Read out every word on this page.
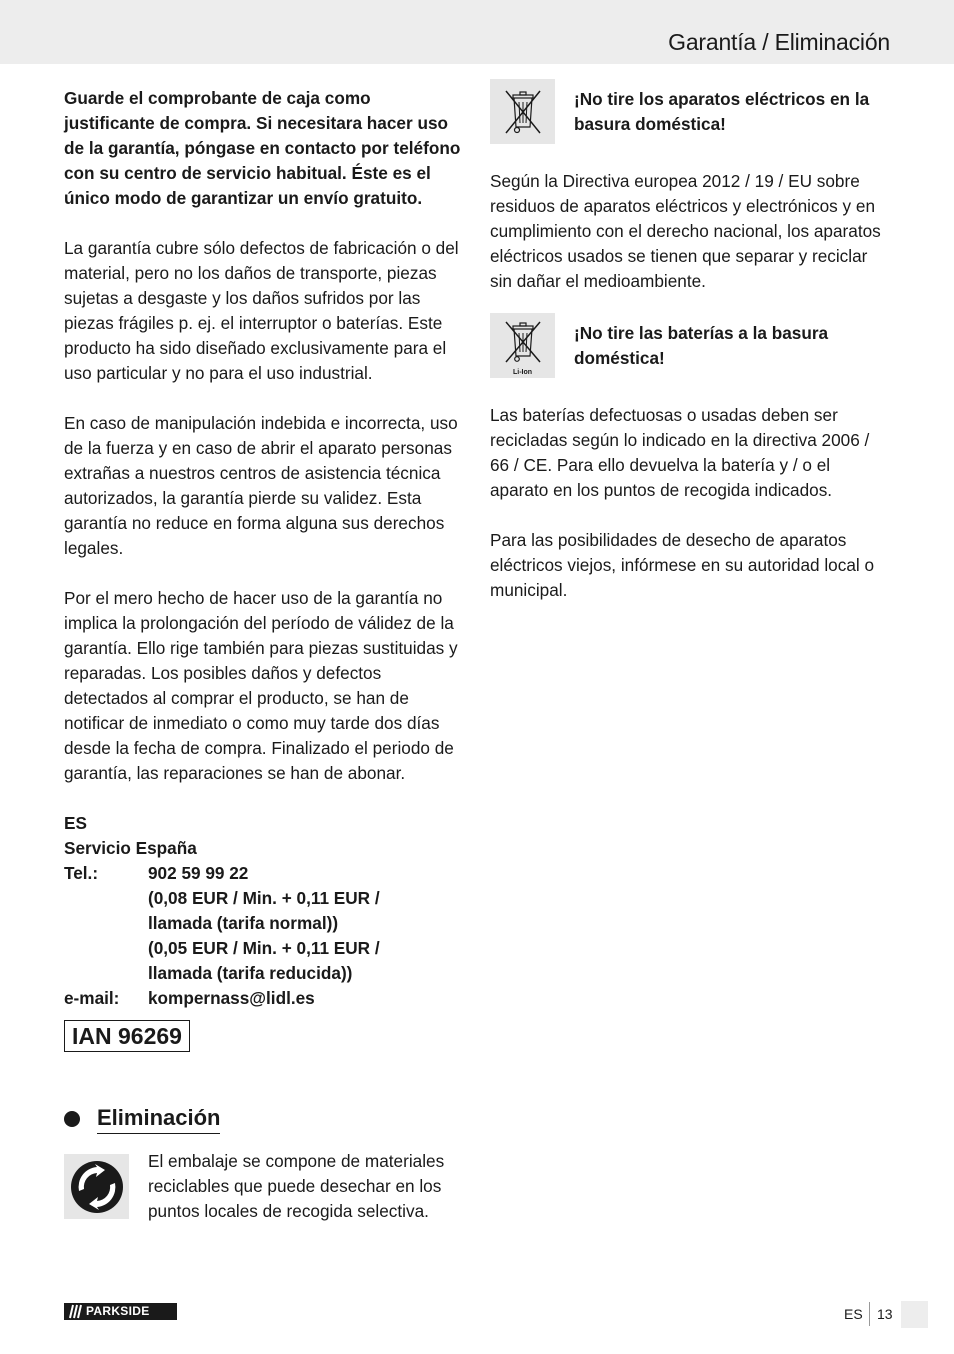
Garantía / Eliminación

Guarde el comprobante de caja como justificante de compra. Si necesitara hacer uso de la garantía, póngase en contacto por teléfono con su centro de servicio habitual. Éste es el único modo de garantizar un envío gratuito.

La garantía cubre sólo defectos de fabricación o del material, pero no los daños de transporte, piezas sujetas a desgaste y los daños sufridos por las piezas frágiles p. ej. el interruptor o baterías. Este producto ha sido diseñado exclusivamente para el uso particular y no para el uso industrial.

En caso de manipulación indebida e incorrecta, uso de la fuerza y en caso de abrir el aparato personas extrañas a nuestros centros de asistencia técnica autorizados, la garantía pierde su validez. Esta garantía no reduce en forma alguna sus derechos legales.

Por el mero hecho de hacer uso de la garantía no implica la prolongación del período de válidez de la garantía. Ello rige también para piezas sustituidas y reparadas. Los posibles daños y defectos detectados al comprar el producto, se han de notificar de inmediato o como muy tarde dos días desde la fecha de compra. Finalizado el periodo de garantía, las reparaciones se han de abonar.

ES
Servicio España
Tel.:	902 59 99 22
(0,08 EUR / Min. + 0,11 EUR /
llamada (tarifa normal))
(0,05 EUR / Min. + 0,11 EUR /
llamada (tarifa reducida))
e-mail:	kompernass@lidl.es
IAN 96269
Eliminación

El embalaje se compone de materiales reciclables que puede desechar en los puntos locales de recogida selectiva.

¡No tire los aparatos eléctricos en la basura doméstica!

Según la Directiva europea 2012 / 19 / EU sobre residuos de aparatos eléctricos y electrónicos y en cumplimiento con el derecho nacional, los aparatos eléctricos usados se tienen que separar y reciclar sin dañar el medioambiente.

Li-Ion

¡No tire las baterías a la basura doméstica!

Las baterías defectuosas o usadas deben ser recicladas según lo indicado en la directiva 2006 / 66 / CE. Para ello devuelva la batería y / o el aparato en los puntos de recogida indicados.

Para las posibilidades de desecho de aparatos eléctricos viejos, infórmese en su autoridad local o municipal.

PARKSIDE	ES 13
